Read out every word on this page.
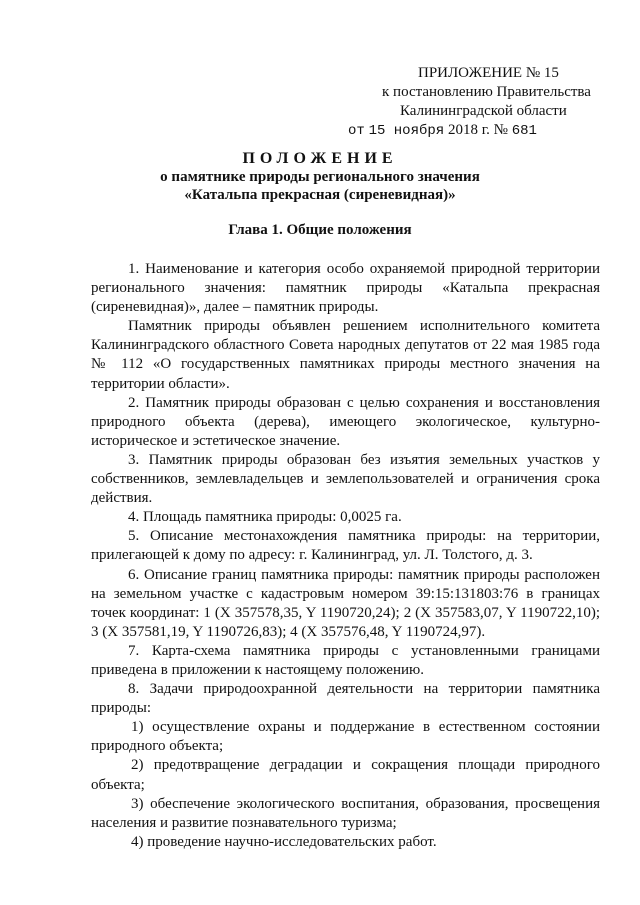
ПРИЛОЖЕНИЕ № 15
к постановлению Правительства
Калининградской области
от 15 ноября 2018 г. № 681
ПОЛОЖЕНИЕ
о памятнике природы регионального значения
«Катальпа прекрасная (сиреневидная)»
Глава 1. Общие положения

1. Наименование и категория особо охраняемой природной территории регионального значения: памятник природы «Катальпа прекрасная (сиреневидная)», далее – памятник природы.

Памятник природы объявлен решением исполнительного комитета Калининградского областного Совета народных депутатов от 22 мая 1985 года № 112 «О государственных памятниках природы местного значения на территории области».

2. Памятник природы образован с целью сохранения и восстановления природного объекта (дерева), имеющего экологическое, культурно-историческое и эстетическое значение.

3. Памятник природы образован без изъятия земельных участков у собственников, землевладельцев и землепользователей и ограничения срока действия.

4. Площадь памятника природы: 0,0025 га.

5. Описание местонахождения памятника природы: на территории, прилегающей к дому по адресу: г. Калининград, ул. Л. Толстого, д. 3.

6. Описание границ памятника природы: памятник природы расположен на земельном участке с кадастровым номером 39:15:131803:76 в границах точек координат: 1 (X 357578,35, Y 1190720,24); 2 (X 357583,07, Y 1190722,10); 3 (X 357581,19, Y 1190726,83); 4 (X 357576,48, Y 1190724,97).

7. Карта-схема памятника природы с установленными границами приведена в приложении к настоящему положению.

8. Задачи природоохранной деятельности на территории памятника природы:

1) осуществление охраны и поддержание в естественном состоянии природного объекта;

2) предотвращение деградации и сокращения площади природного объекта;

3) обеспечение экологического воспитания, образования, просвещения населения и развитие познавательного туризма;

4) проведение научно-исследовательских работ.
